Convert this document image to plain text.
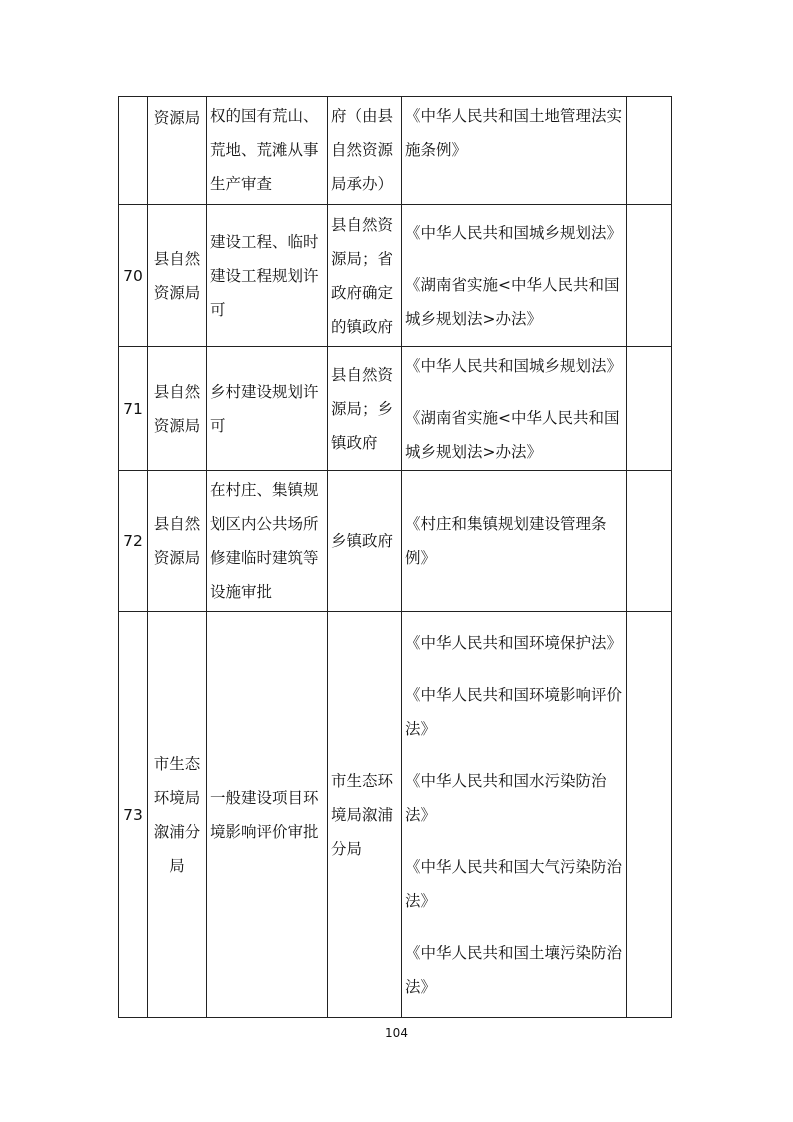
	资源局	权的国有荒山、荒地、荒滩从事生产审查	府（由县自然资源局承办）	《中华人民共和国土地管理法实施条例》	

70	县自然资源局	建设工程、临时建设工程规划许可	县自然资源局；省政府确定的镇政府	《中华人民共和国城乡规划法》

《湖南省实施<中华人民共和国城乡规划法>办法》	

71	县自然资源局	乡村建设规划许可	县自然资源局；乡镇政府	《中华人民共和国城乡规划法》

《湖南省实施<中华人民共和国城乡规划法>办法》	

72	县自然资源局	在村庄、集镇规划区内公共场所修建临时建筑等设施审批	乡镇政府	《村庄和集镇规划建设管理条例》	

73	市生态环境局溆浦分局	一般建设项目环境影响评价审批	市生态环境局溆浦分局	《中华人民共和国环境保护法》

《中华人民共和国环境影响评价法》

《中华人民共和国水污染防治法》

《中华人民共和国大气污染防治法》

《中华人民共和国土壤污染防治法》	

104
